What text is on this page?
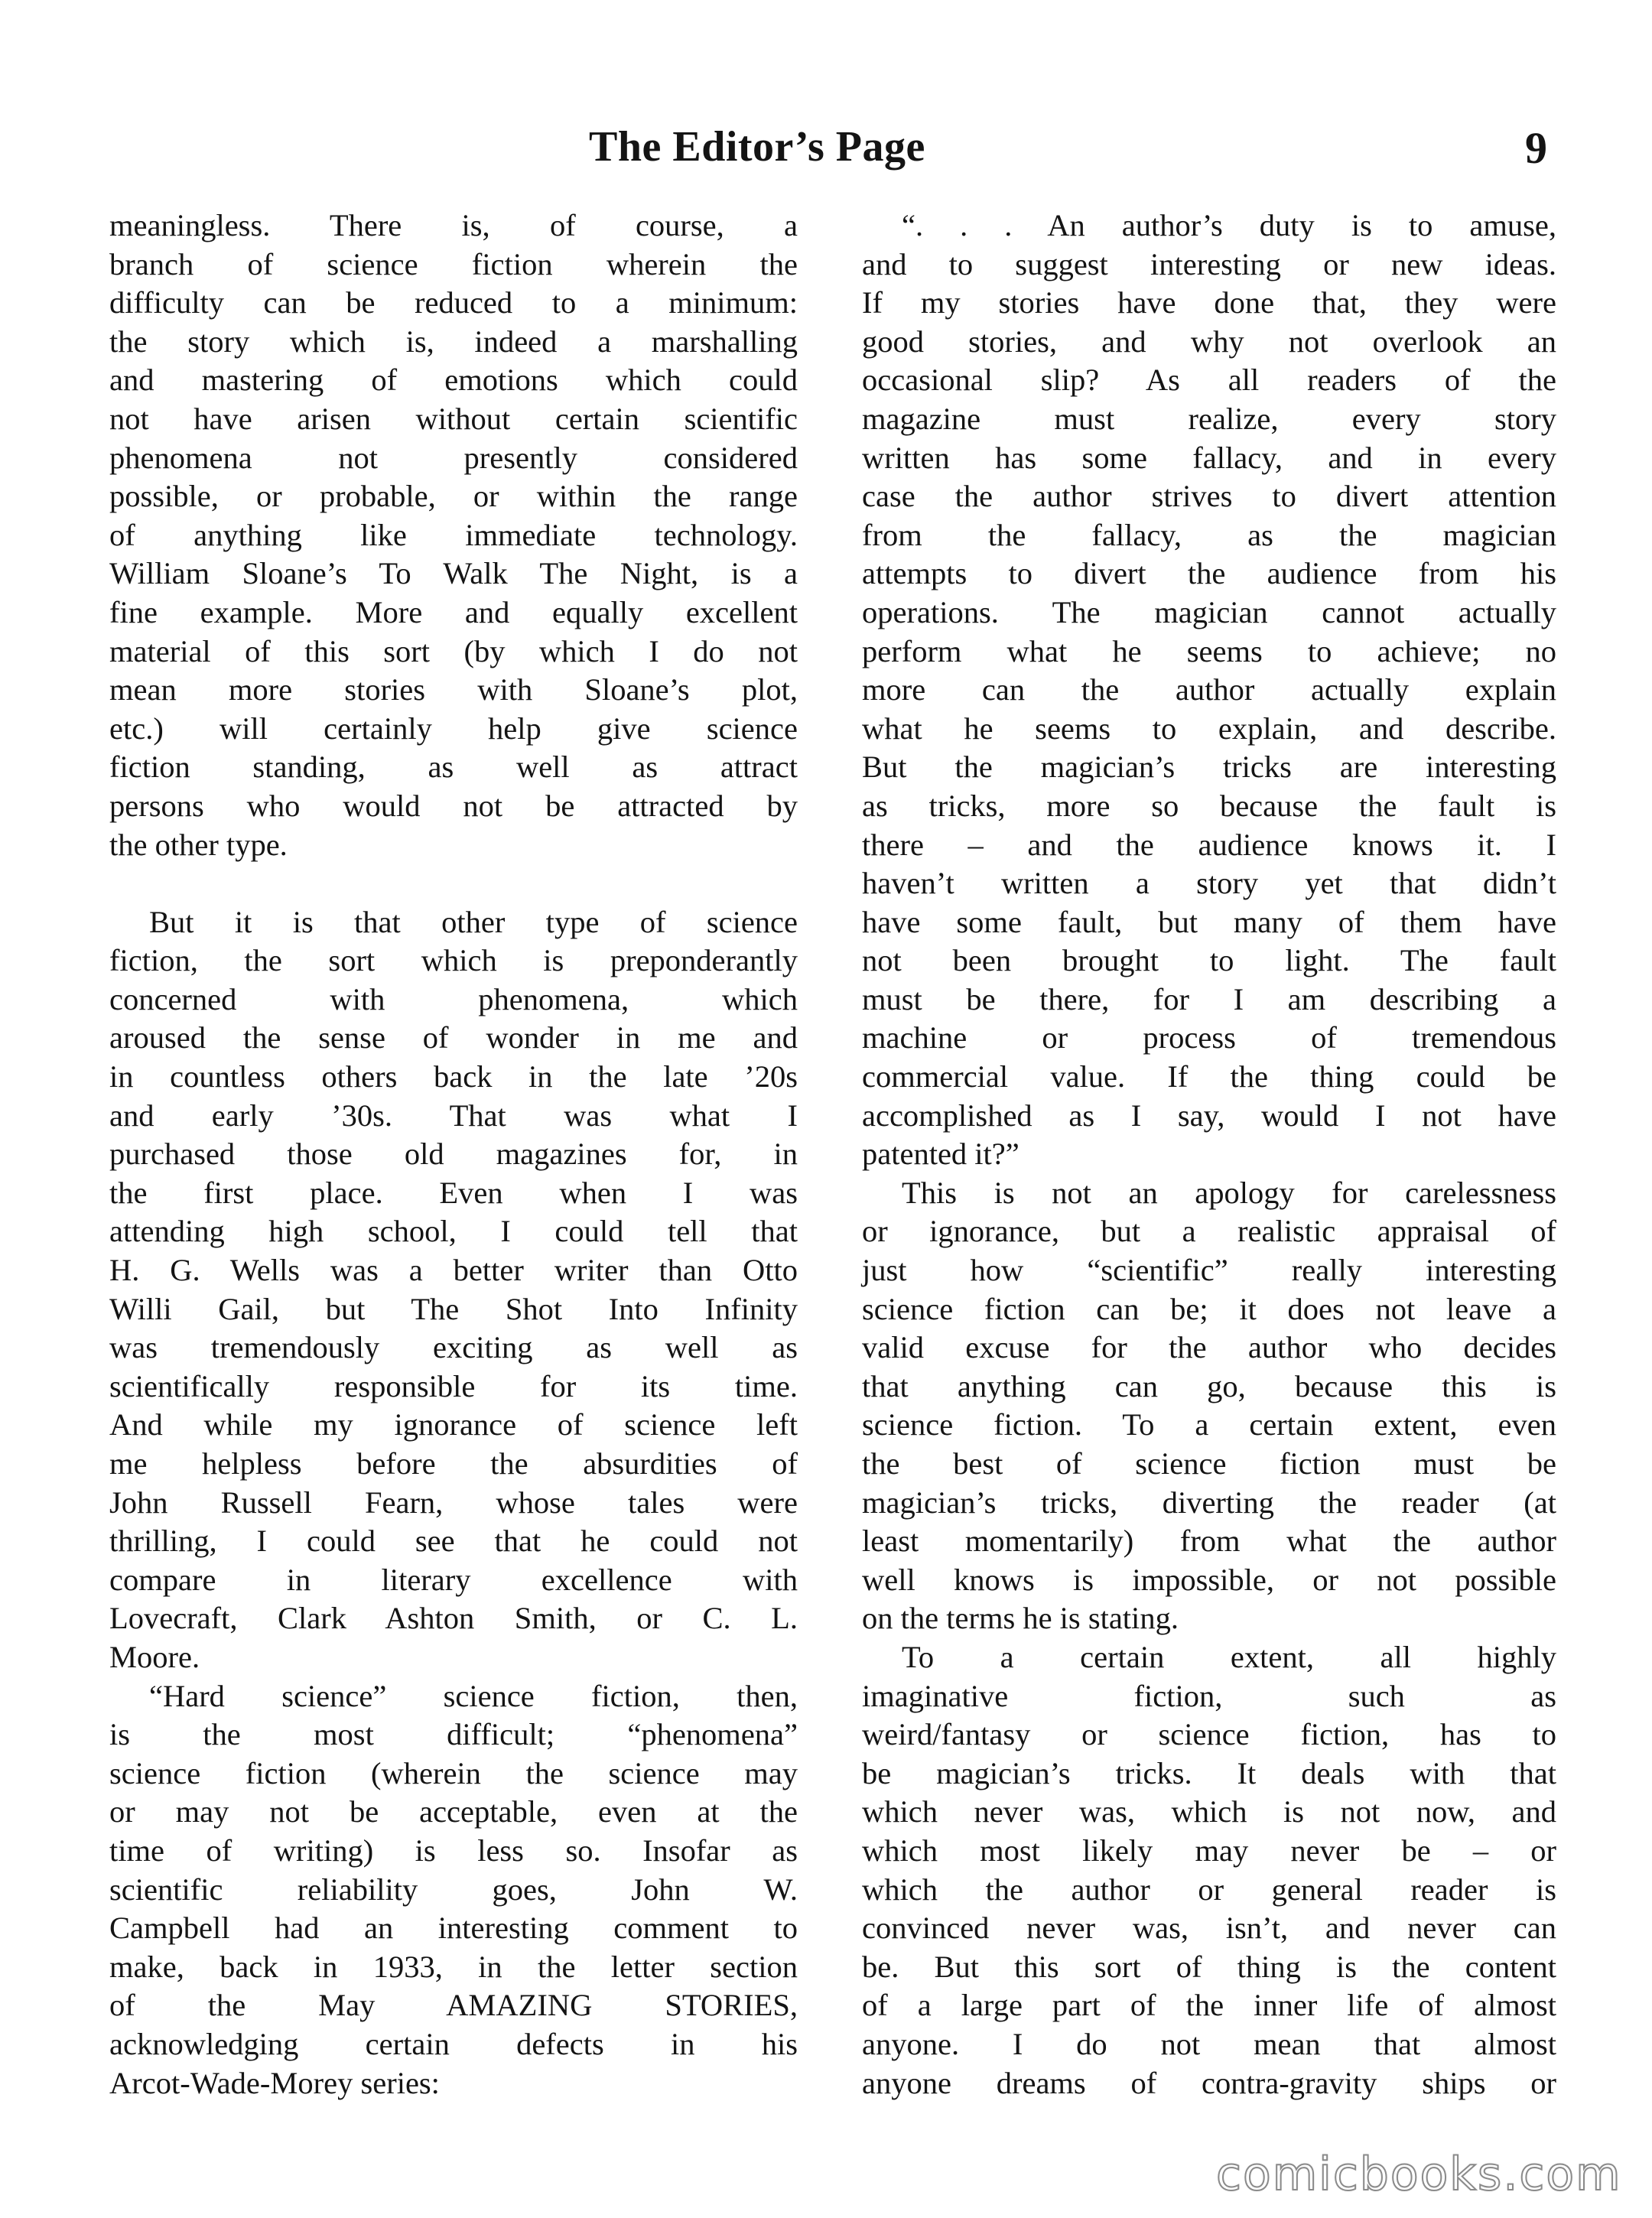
The Editor’s Page	9
meaningless. There is, of course, a
branch of science fiction wherein the
difficulty can be reduced to a minimum:
the story which is, indeed a marshalling
and mastering of emotions which could
not have arisen without certain scientific
phenomena not presently considered
possible, or probable, or within the range
of anything like immediate technology.
William Sloane’s To Walk The Night, is a
fine example. More and equally excellent
material of this sort (by which I do not
mean more stories with Sloane’s plot,
etc.) will certainly help give science
fiction standing, as well as attract
persons who would not be attracted by
the other type.
But it is that other type of science
fiction, the sort which is preponderantly
concerned with phenomena, which
aroused the sense of wonder in me and
in countless others back in the late ’20s
and early ’30s. That was what I
purchased those old magazines for, in
the first place. Even when I was
attending high school, I could tell that
H. G. Wells was a better writer than Otto
Willi Gail, but The Shot Into Infinity
was tremendously exciting as well as
scientifically responsible for its time.
And while my ignorance of science left
me helpless before the absurdities of
John Russell Fearn, whose tales were
thrilling, I could see that he could not
compare in literary excellence with
Lovecraft, Clark Ashton Smith, or C. L.
Moore.
“Hard science” science fiction, then,
is the most difficult; “phenomena”
science fiction (wherein the science may
or may not be acceptable, even at the
time of writing) is less so. Insofar as
scientific reliability goes, John W.
Campbell had an interesting comment to
make, back in 1933, in the letter section
of the May AMAZING STORIES,
acknowledging certain defects in his
Arcot-Wade-Morey series:
“. . . An author’s duty is to amuse,
and to suggest interesting or new ideas.
If my stories have done that, they were
good stories, and why not overlook an
occasional slip? As all readers of the
magazine must realize, every story
written has some fallacy, and in every
case the author strives to divert attention
from the fallacy, as the magician
attempts to divert the audience from his
operations. The magician cannot actually
perform what he seems to achieve; no
more can the author actually explain
what he seems to explain, and describe.
But the magician’s tricks are interesting
as tricks, more so because the fault is
there – and the audience knows it. I
haven’t written a story yet that didn’t
have some fault, but many of them have
not been brought to light. The fault
must be there, for I am describing a
machine or process of tremendous
commercial value. If the thing could be
accomplished as I say, would I not have
patented it?”
This is not an apology for carelessness
or ignorance, but a realistic appraisal of
just how “scientific” really interesting
science fiction can be; it does not leave a
valid excuse for the author who decides
that anything can go, because this is
science fiction. To a certain extent, even
the best of science fiction must be
magician’s tricks, diverting the reader (at
least momentarily) from what the author
well knows is impossible, or not possible
on the terms he is stating.
To a certain extent, all highly
imaginative fiction, such as
weird/fantasy or science fiction, has to
be magician’s tricks. It deals with that
which never was, which is not now, and
which most likely may never be – or
which the author or general reader is
convinced never was, isn’t, and never can
be. But this sort of thing is the content
of a large part of the inner life of almost
anyone. I do not mean that almost
anyone dreams of contra-gravity ships or
comicbooks.com
